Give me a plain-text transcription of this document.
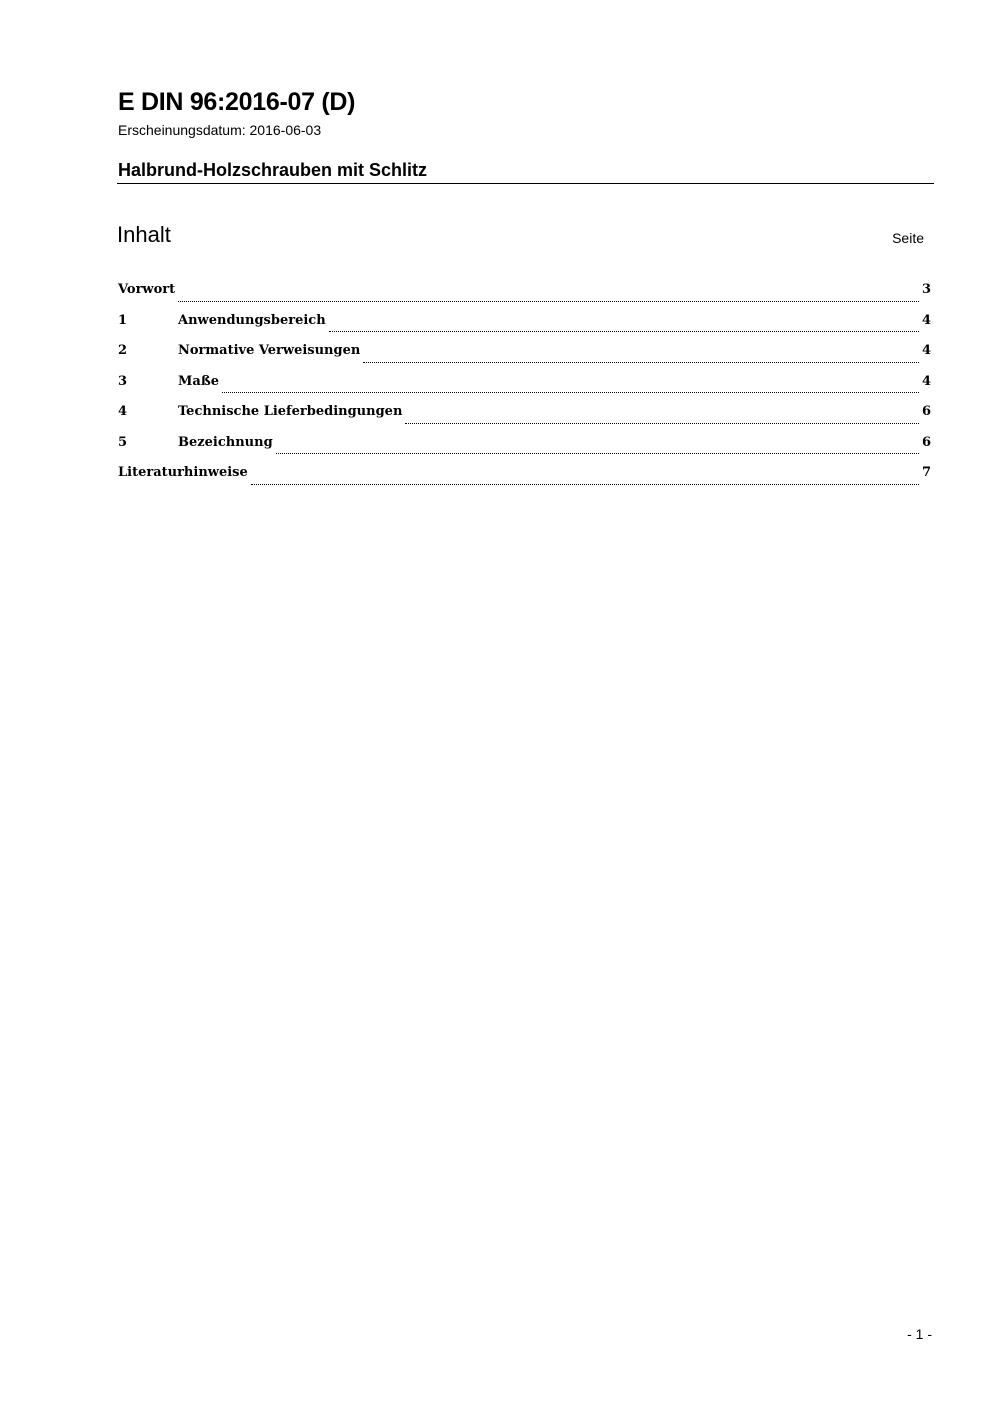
E DIN 96:2016-07 (D)
Erscheinungsdatum: 2016-06-03
Halbrund-Holzschrauben mit Schlitz
Inhalt	Seite
Vorwort	3
1	Anwendungsbereich	4
2	Normative Verweisungen	4
3	Maße	4
4	Technische Lieferbedingungen	6
5	Bezeichnung	6
Literaturhinweise	7
- 1 -
